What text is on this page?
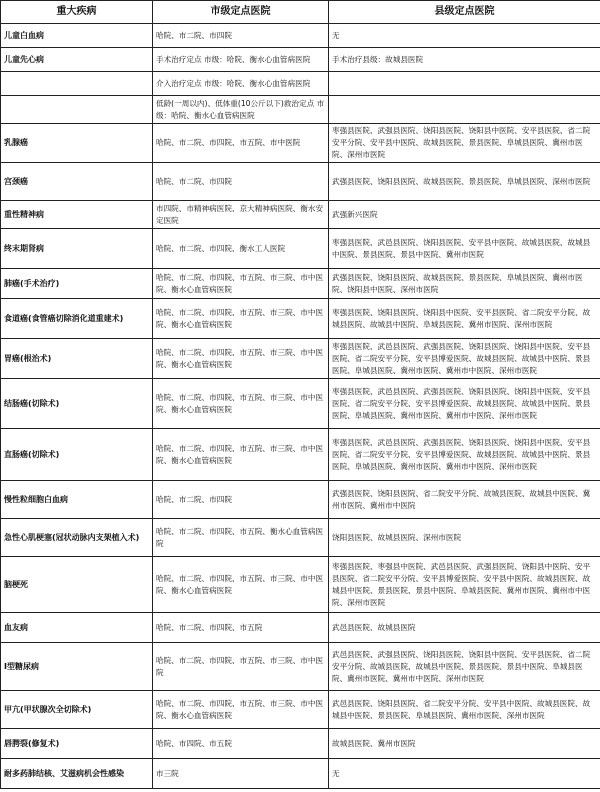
重大疾病	市级定点医院	县级定点医院
儿童白血病	哈院、市二院、市四院	无
儿童先心病	手术治疗定点 市级：哈院、衡水心血管病医院	手术治疗县级：故城县医院
	介入治疗定点 市级：哈院、衡水心血管病医院	
	低龄(一周以内)、低体重(10公斤以下)救治定点 市级：哈院、衡水心血管病医院	
乳腺癌	哈院、市二院、市四院、市五院、市中医院	枣强县医院、武强县医院、饶阳县医院、饶阳县中医院、安平县医院、省二院安平分院、安平县中医院、故城县医院、景县医院、阜城县医院、冀州市医院、深州市医院
宫颈癌	哈院、市二院、市四院	武强县医院、饶阳县医院、故城县医院、景县医院、阜城县医院、深州市医院
重性精神病	市四院、市精神病医院、京大精神病医院、衡水安定医院	武强新兴医院
终末期肾病	哈院、市二院、市四院、衡水工人医院	枣强县医院、武邑县医院、饶阳县医院、安平县中医院、故城县医院、故城县中医院、景县医院、景县中医院、冀州市医院
肺癌(手术治疗)	哈院、市二院、市四院、市五院、市三院、市中医院、衡水心血管病医院	武强县医院、饶阳县医院、故城县医院、景县医院、阜城县医院、冀州市医院、饶阳县中医院、深州市医院
食道癌(食管癌切除消化道重建术)	哈院、市二院、市四院、市五院、市三院、市中医院、衡水心血管病医院	枣强县医院、饶阳县医院、饶阳县中医院、安平县医院、省二院安平分院、故城县医院、故城县中医院、阜城县医院、冀州市医院、深州市医院
胃癌(根治术)	哈院、市二院、市四院、市五院、市三院、市中医院、衡水心血管病医院	枣强县医院、武邑县医院、武强县医院、饶阳县医院、饶阳县中医院、安平县医院、省二院安平分院、安平县博爱医院、故城县医院、故城县中医院、景县医院、阜城县医院、冀州市医院、冀州市中医院、深州市医院
结肠癌(切除术)	哈院、市二院、市四院、市五院、市三院、市中医院、衡水心血管病医院	枣强县医院、武邑县医院、武强县医院、饶阳县医院、饶阳县中医院、安平县医院、省二院安平分院、安平县博爱医院、故城县医院、故城县中医院、景县医院、阜城县医院、冀州市医院、冀州市中医院、深州市医院
直肠癌(切除术)	哈院、市二院、市四院、市五院、市三院、市中医院、衡水心血管病医院	枣强县医院、武邑县医院、武强县医院、饶阳县医院、饶阳县中医院、安平县医院、省二院安平分院、安平县博爱医院、故城县医院、故城县中医院、景县医院、阜城县医院、冀州市医院、冀州市中医院、深州市医院
慢性粒细胞白血病	哈院、市二院、市四院	武强县医院、饶阳县医院、省二院安平分院、故城县医院、故城县中医院、冀州市医院、冀州市中医院
急性心肌梗塞(冠状动脉内支架植入术)	哈院、市二院、市四院、市五院、衡水心血管病医院	饶阳县医院、故城县医院、深州市医院
脑梗死	哈院、市二院、市四院、市五院、市三院、市中医院、衡水心血管病医院	枣强县医院、枣强县中医院、武邑县医院、武强县医院、饶阳县中医院、安平县医院、省二院安平分院、安平县博爱医院、安平县中医院、故城县医院、故城县中医院、景县医院、景县中医院、阜城县医院、冀州市医院、冀州市中医院、深州市医院
血友病	哈院、市二院、市四院、市五院	武邑县医院、故城县医院
Ⅰ型糖尿病	哈院、市二院、市四院、市五院、市三院、市中医院	武邑县医院、武强县医院、饶阳县医院、饶阳县中医院、安平县医院、省二院安平分院、故城县医院、故城县中医院、景县医院、景县中医院、阜城县医院、冀州市医院、冀州市中医院、深州市医院
甲亢(甲状腺次全切除术)	哈院、市二院、市四院、市五院、市三院、市中医院、衡水心血管病医院	武邑县医院、饶阳县医院、省二院安平分院、安平县中医院、故城县医院、故城县中医院、景县医院、阜城县医院、冀州市医院、深州市医院
唇腭裂(修复术)	哈院、市四院、市五院	故城县医院、冀州市医院
耐多药肺结核、艾滋病机会性感染	市三院	无
